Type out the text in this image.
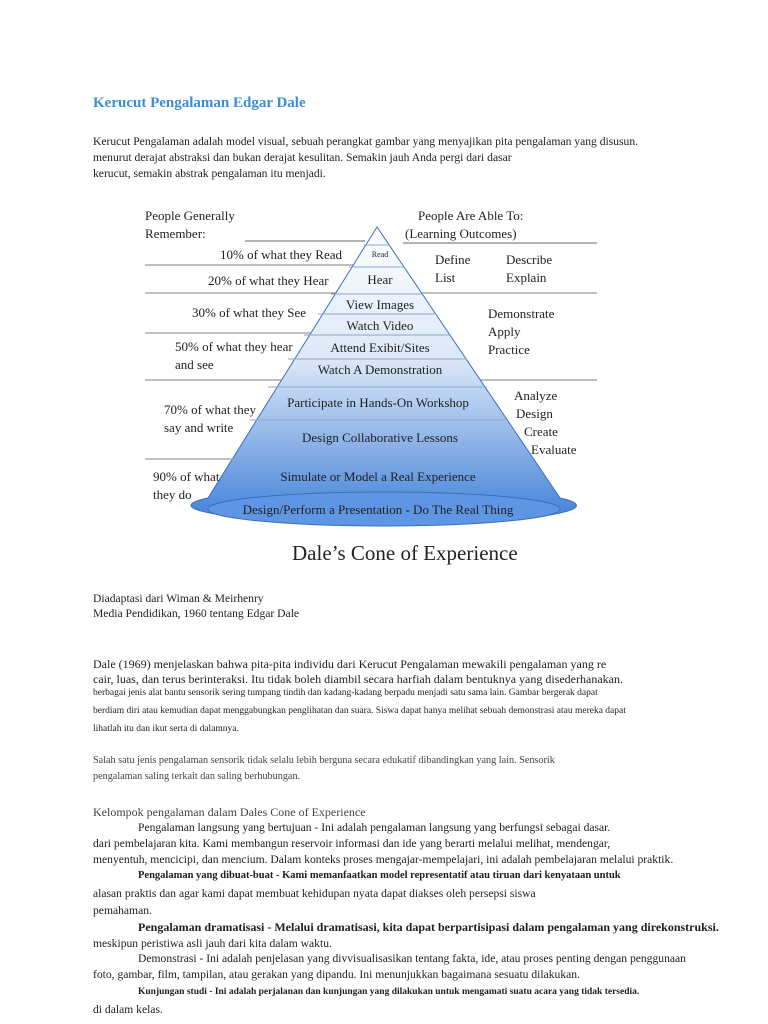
Kerucut Pengalaman Edgar Dale
Kerucut Pengalaman adalah model visual, sebuah perangkat gambar yang menyajikan pita pengalaman yang disusun.
menurut derajat abstraksi dan bukan derajat kesulitan. Semakin jauh Anda pergi dari dasar
kerucut, semakin abstrak pengalaman itu menjadi.
Read
Hear
View Images
Watch Video
Attend Exibit/Sites
Watch A Demonstration
Participate in Hands-On Workshop
Design Collaborative Lessons
Simulate or Model a Real Experience
Design/Perform a Presentation - Do The Real Thing
People Generally
Remember:
People Are Able To:
(Learning Outcomes)
10% of what they Read
20% of what they Hear
30% of what they See
50% of what they hear
and see
70% of what they
say and write
90% of what
they do
Define
List
Describe
Explain
Demonstrate
Apply
Practice
Analyze
Design
Create
Evaluate
Dale’s Cone of Experience
Diadaptasi dari Wiman & Meirhenry
Media Pendidikan, 1960 tentang Edgar Dale
Dale (1969) menjelaskan bahwa pita-pita individu dari Kerucut Pengalaman mewakili pengalaman yang re
cair, luas, dan terus berinteraksi. Itu tidak boleh diambil secara harfiah dalam bentuknya yang disederhanakan.
berbagai jenis alat bantu sensorik sering tumpang tindih dan kadang-kadang berpadu menjadi satu sama lain. Gambar bergerak dapat
berdiam diri atau kemudian dapat menggabungkan penglihatan dan suara. Siswa dapat hanya melihat sebuah demonstrasi atau mereka dapat
lihatlah itu dan ikut serta di dalamnya.
Salah satu jenis pengalaman sensorik tidak selalu lebih berguna secara edukatif dibandingkan yang lain. Sensorik
pengalaman saling terkait dan saling berhubungan.
Kelompok pengalaman dalam Dales Cone of Experience
Pengalaman langsung yang bertujuan - Ini adalah pengalaman langsung yang berfungsi sebagai dasar.
dari pembelajaran kita. Kami membangun reservoir informasi dan ide yang berarti melalui melihat, mendengar,
menyentuh, mencicipi, dan mencium. Dalam konteks proses mengajar-mempelajari, ini adalah pembelajaran melalui praktik.
Pengalaman yang dibuat-buat - Kami memanfaatkan model representatif atau tiruan dari kenyataan untuk
alasan praktis dan agar kami dapat membuat kehidupan nyata dapat diakses oleh persepsi siswa
pemahaman.
Pengalaman dramatisasi - Melalui dramatisasi, kita dapat berpartisipasi dalam pengalaman yang direkonstruksi.
meskipun peristiwa asli jauh dari kita dalam waktu.
Demonstrasi - Ini adalah penjelasan yang divvisualisasikan tentang fakta, ide, atau proses penting dengan penggunaan
foto, gambar, film, tampilan, atau gerakan yang dipandu. Ini menunjukkan bagaimana sesuatu dilakukan.
Kunjungan studi - Ini adalah perjalanan dan kunjungan yang dilakukan untuk mengamati suatu acara yang tidak tersedia.
di dalam kelas.
